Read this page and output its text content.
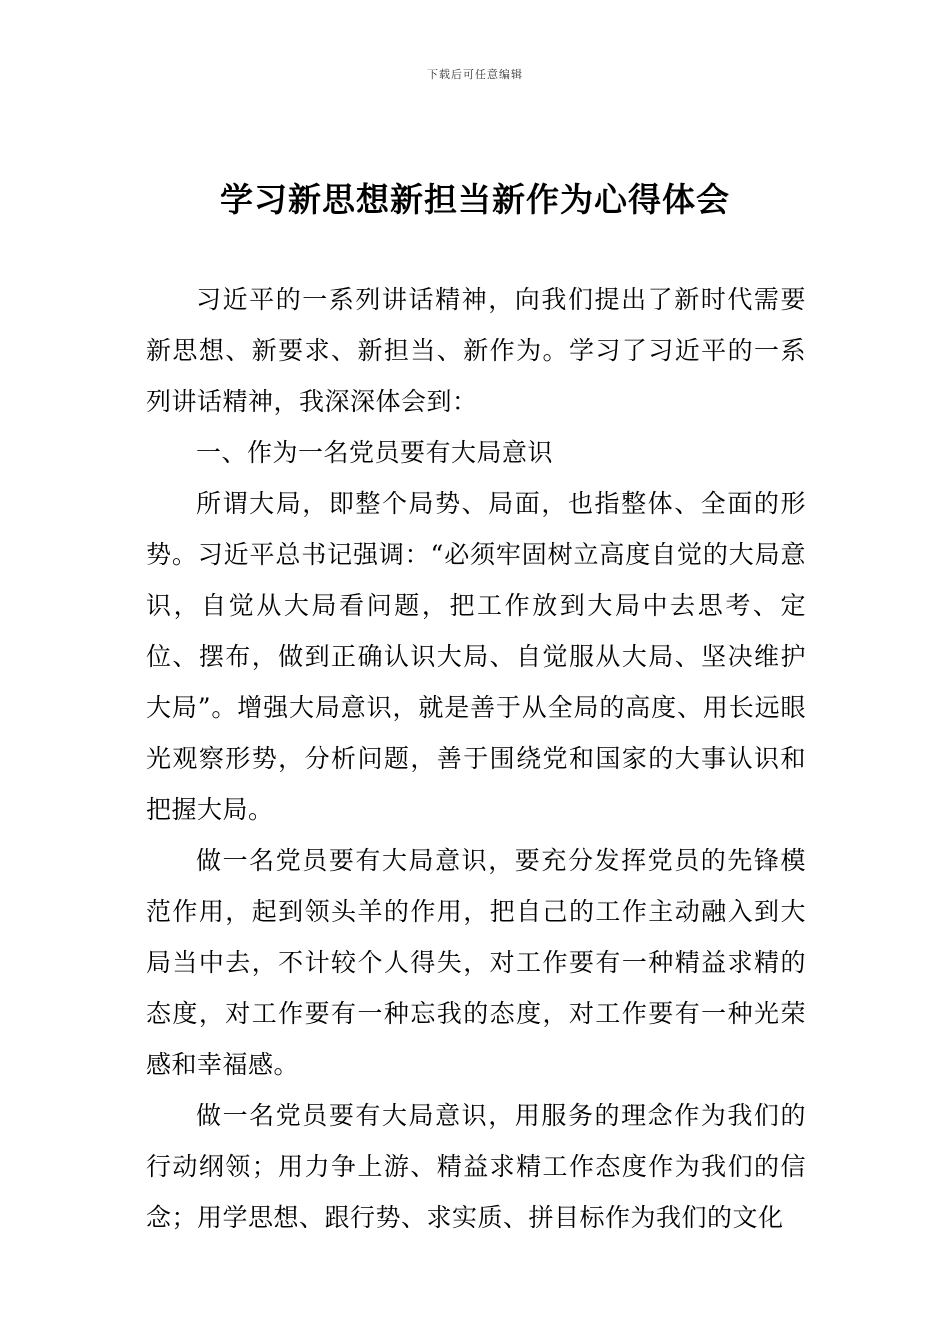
下载后可任意编辑
学习新思想新担当新作为心得体会

习近平的一系列讲话精神，向我们提出了新时代需要新思想、新要求、新担当、新作为。学习了习近平的一系列讲话精神，我深深体会到：

一、作为一名党员要有大局意识

所谓大局，即整个局势、局面，也指整体、全面的形势。习近平总书记强调：“必须牢固树立高度自觉的大局意识，自觉从大局看问题，把工作放到大局中去思考、定位、摆布，做到正确认识大局、自觉服从大局、坚决维护大局”。增强大局意识，就是善于从全局的高度、用长远眼光观察形势，分析问题，善于围绕党和国家的大事认识和把握大局。

做一名党员要有大局意识，要充分发挥党员的先锋模范作用，起到领头羊的作用，把自己的工作主动融入到大局当中去，不计较个人得失，对工作要有一种精益求精的态度，对工作要有一种忘我的态度，对工作要有一种光荣感和幸福感。

做一名党员要有大局意识，用服务的理念作为我们的行动纲领；用力争上游、精益求精工作态度作为我们的信念；用学思想、跟行势、求实质、拼目标作为我们的文化
